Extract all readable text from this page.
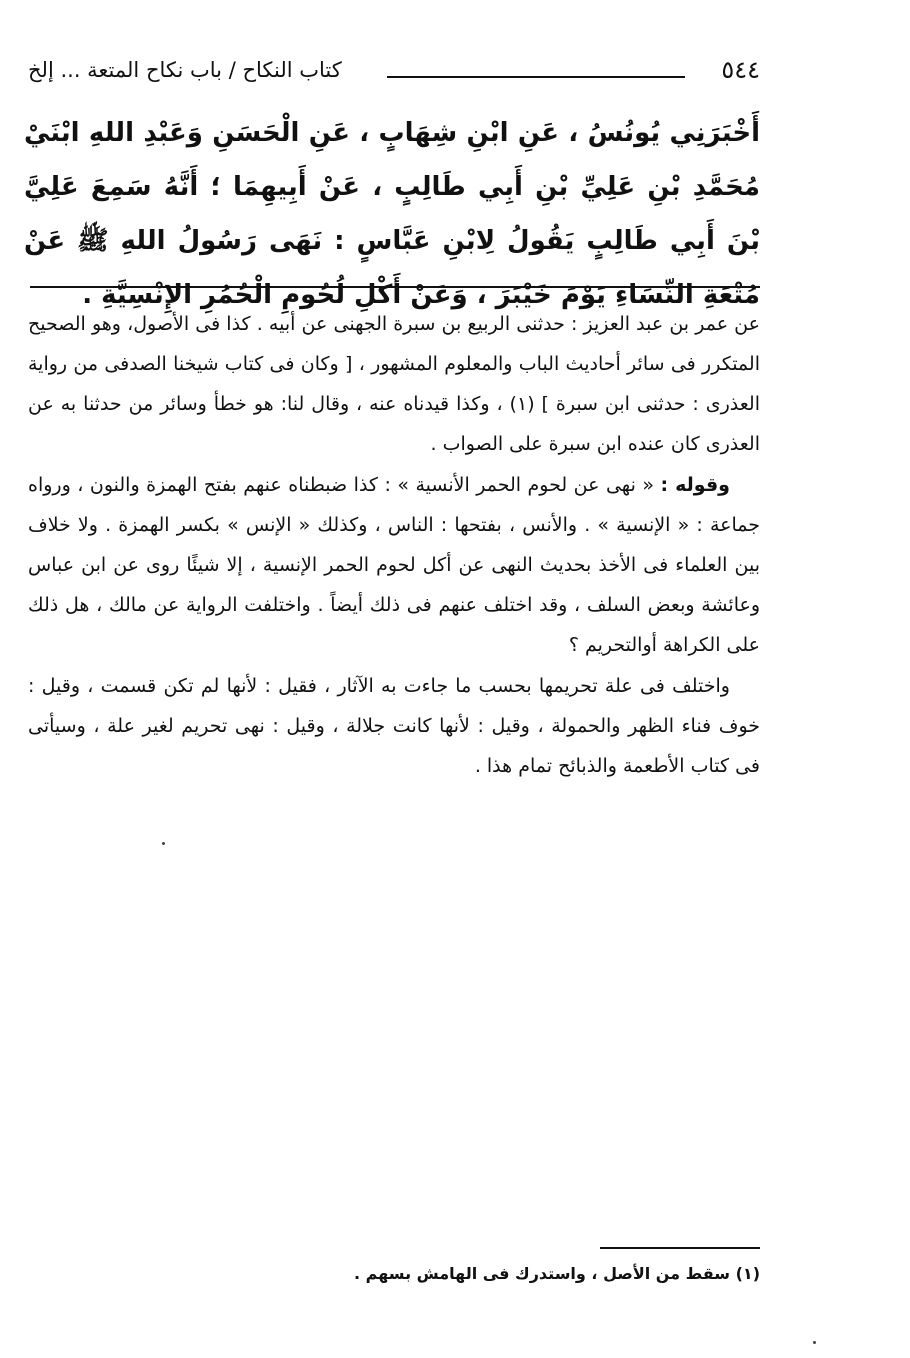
٥٤٤
كتاب النكاح / باب نكاح المتعة ... إلخ
أَخْبَرَنِي يُونُسُ ، عَنِ ابْنِ شِهَابٍ ، عَنِ الْحَسَنِ وَعَبْدِ اللهِ ابْنَيْ مُحَمَّدِ بْنِ عَلِيِّ بْنِ أَبِي طَالِبٍ ، عَنْ أَبِيهِمَا ؛ أَنَّهُ سَمِعَ عَلِيَّ بْنَ أَبِي طَالِبٍ يَقُولُ لِابْنِ عَبَّاسٍ : نَهَى رَسُولُ اللهِ ﷺ عَنْ مُتْعَةِ النِّسَاءِ يَوْمَ خَيْبَرَ ، وَعَنْ أَكْلِ لُحُومِ الْحُمُرِ الإِنْسِيَّةِ .

عن عمر بن عبد العزيز : حدثنى الربيع بن سبرة الجهنى عن أبيه . كذا فى الأصول، وهو الصحيح المتكرر فى سائر أحاديث الباب والمعلوم المشهور ، [ وكان فى كتاب شيخنا الصدفى من رواية العذرى : حدثنى ابن سبرة ] (١) ، وكذا قيدناه عنه ، وقال لنا: هو خطأ وسائر من حدثنا به عن العذرى كان عنده ابن سبرة على الصواب .

وقوله : « نهى عن لحوم الحمر الأنسية » : كذا ضبطناه عنهم بفتح الهمزة والنون ، ورواه جماعة : « الإنسية » . والأنس ، بفتحها : الناس ، وكذلك « الإنس » بكسر الهمزة . ولا خلاف بين العلماء فى الأخذ بحديث النهى عن أكل لحوم الحمر الإنسية ، إلا شيئًا روى عن ابن عباس وعائشة وبعض السلف ، وقد اختلف عنهم فى ذلك أيضاً . واختلفت الرواية عن مالك ، هل ذلك على الكراهة أوالتحريم ؟

واختلف فى علة تحريمها بحسب ما جاءت به الآثار ، فقيل : لأنها لم تكن قسمت ، وقيل : خوف فناء الظهر والحمولة ، وقيل : لأنها كانت جلالة ، وقيل : نهى تحريم لغير علة ، وسيأتى فى كتاب الأطعمة والذبائح تمام هذا .

(١) سقط من الأصل ، واستدرك فى الهامش بسهم .
